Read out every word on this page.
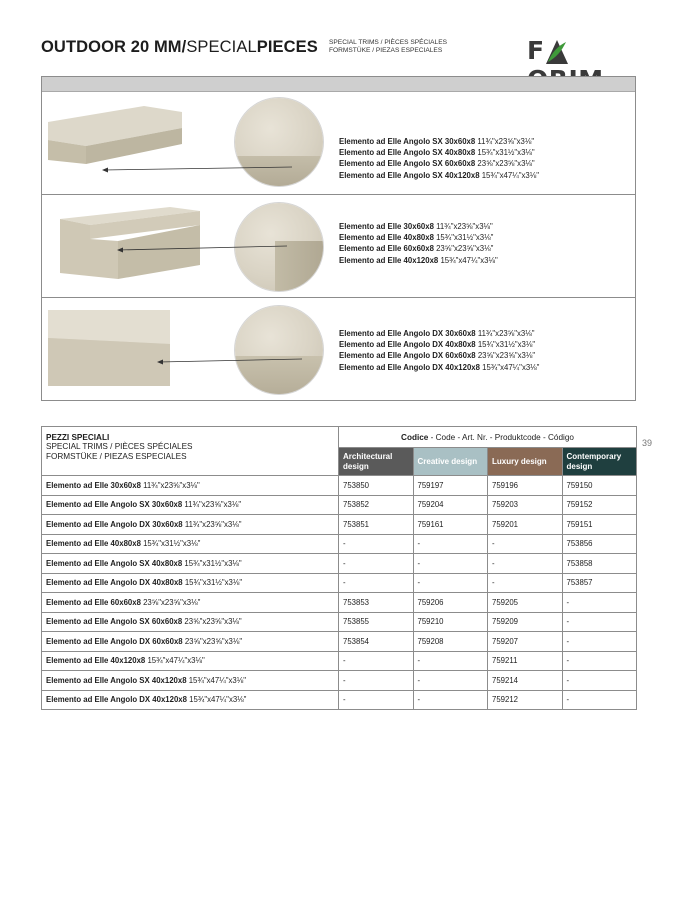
OUTDOOR 20 MM/SPECIALPIECES SPECIAL TRIMS / PIÈCES SPÉCIALES
FORMSTÜKE / PIEZAS ESPECIALES	F
Elemento ad Elle Angolo SX 30x60x8 11¾"x23⅝"x3⅛"
Elemento ad Elle Angolo SX 40x80x8 15¾"x31½"x3⅛"
Elemento ad Elle Angolo SX 60x60x8 23⅝"x23⅝"x3⅛"
Elemento ad Elle Angolo SX 40x120x8 15¾"x47¼"x3⅛"
Elemento ad Elle 30x60x8 11¾"x23⅝"x3⅛"
Elemento ad Elle 40x80x8 15¾"x31½"x3⅛"
Elemento ad Elle 60x60x8 23⅝"x23⅝"x3⅛"
Elemento ad Elle 40x120x8 15¾"x47¼"x3⅛"
Elemento ad Elle Angolo DX 30x60x8 11¾"x23⅝"x3⅛"
Elemento ad Elle Angolo DX 40x80x8 15¾"x31½"x3⅛"
Elemento ad Elle Angolo DX 60x60x8 23⅝"x23⅝"x3⅛"
Elemento ad Elle Angolo DX 40x120x8 15¾"x47¼"x3⅛"
PEZZI SPECIALI
SPECIAL TRIMS / PIÈCES SPÉCIALES
FORMSTÜKE / PIEZAS ESPECIALES	Codice - Code - Art. Nr. - Produktcode - Código			
	Architectural design	Creative design	Luxury design	Contemporary design
Elemento ad Elle 30x60x8 11¾"x23⅝"x3⅛"	753850	759197	759196	759150
Elemento ad Elle Angolo SX 30x60x8 11¾"x23⅝"x3⅛"	753852	759204	759203	759152
Elemento ad Elle Angolo DX 30x60x8 11¾"x23⅝"x3⅛"	753851	759161	759201	759151
Elemento ad Elle 40x80x8 15¾"x31½"x3⅛"	-	-	-	753856
Elemento ad Elle Angolo SX 40x80x8 15¾"x31½"x3⅛"	-	-	-	753858
Elemento ad Elle Angolo DX 40x80x8 15¾"x31½"x3⅛"	-	-	-	753857
Elemento ad Elle 60x60x8 23⅝"x23⅝"x3⅛"	753853	759206	759205	-
Elemento ad Elle Angolo SX 60x60x8 23⅝"x23⅝"x3⅛"	753855	759210	759209	-
Elemento ad Elle Angolo DX 60x60x8 23⅝"x23⅝"x3⅛"	753854	759208	759207	-
Elemento ad Elle 40x120x8 15¾"x47¼"x3⅛"	-	-	759211	-
Elemento ad Elle Angolo SX 40x120x8 15¾"x47¼"x3⅛"	-	-	759214	-
Elemento ad Elle Angolo DX 40x120x8 15¾"x47¼"x3⅛"	-	-	759212	-
39
